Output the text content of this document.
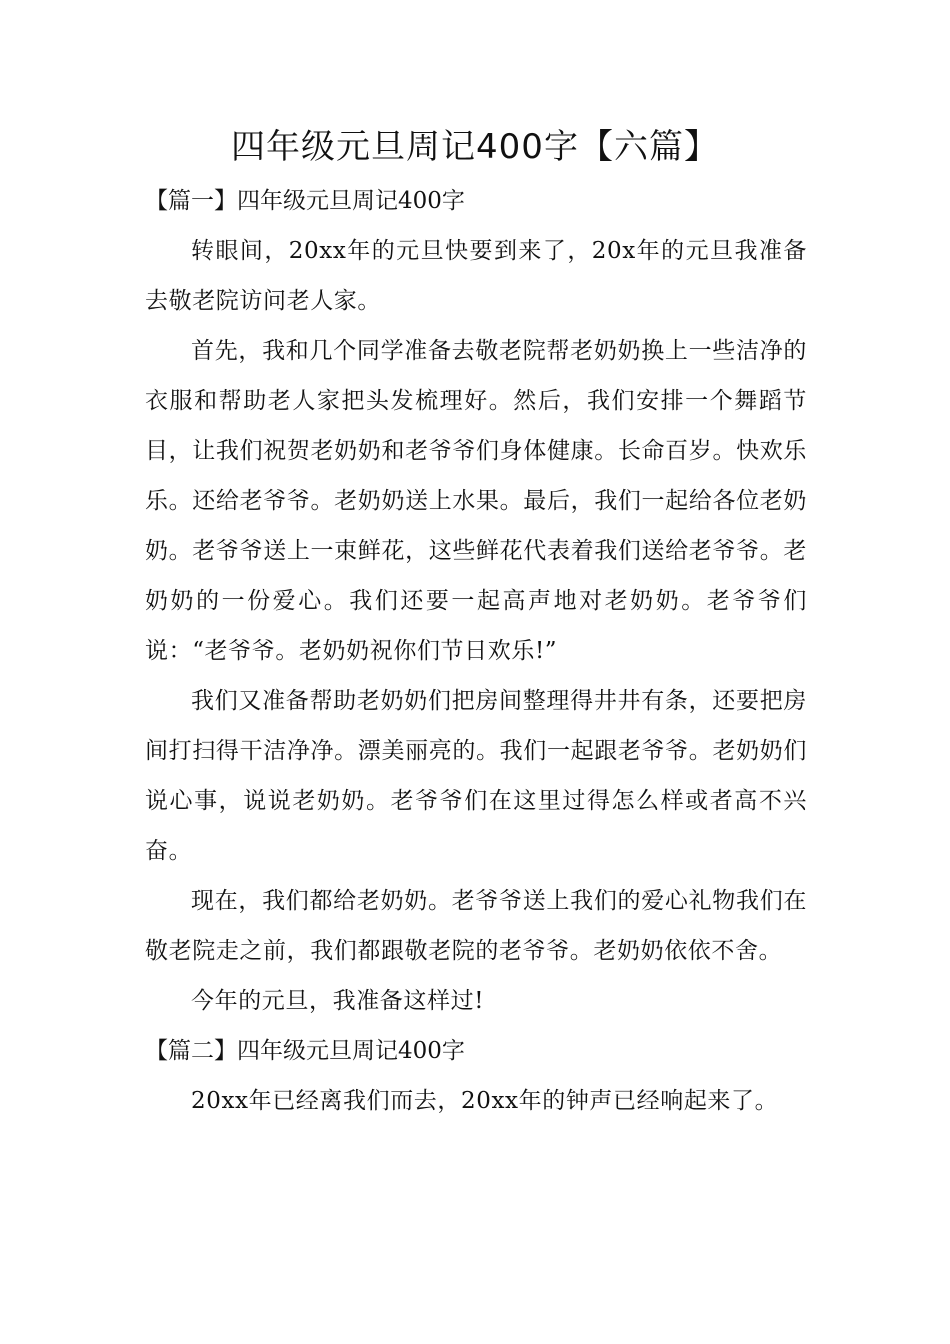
四年级元旦周记400字【六篇】

【篇一】四年级元旦周记400字

转眼间，20xx年的元旦快要到来了，20x年的元旦我准备去敬老院访问老人家。

首先，我和几个同学准备去敬老院帮老奶奶换上一些洁净的衣服和帮助老人家把头发梳理好。然后，我们安排一个舞蹈节目，让我们祝贺老奶奶和老爷爷们身体健康。长命百岁。快欢乐乐。还给老爷爷。老奶奶送上水果。最后，我们一起给各位老奶奶。老爷爷送上一束鲜花，这些鲜花代表着我们送给老爷爷。老奶奶的一份爱心。我们还要一起高声地对老奶奶。老爷爷们说：“老爷爷。老奶奶祝你们节日欢乐!”

我们又准备帮助老奶奶们把房间整理得井井有条，还要把房间打扫得干洁净净。漂美丽亮的。我们一起跟老爷爷。老奶奶们说心事，说说老奶奶。老爷爷们在这里过得怎么样或者高不兴奋。

现在，我们都给老奶奶。老爷爷送上我们的爱心礼物我们在敬老院走之前，我们都跟敬老院的老爷爷。老奶奶依依不舍。

今年的元旦，我准备这样过!

【篇二】四年级元旦周记400字

20xx年已经离我们而去，20xx年的钟声已经响起来了。
